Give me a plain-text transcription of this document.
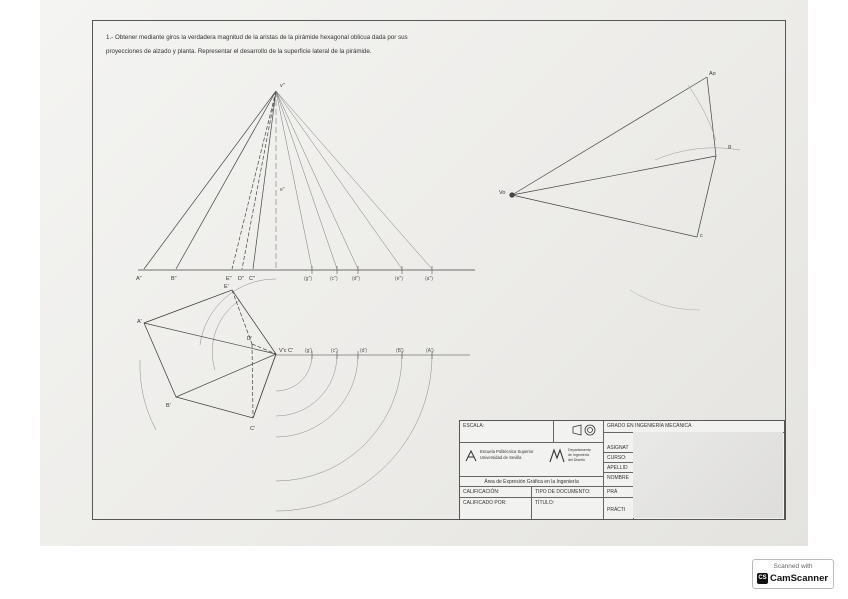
1.- Obtener mediante giros la verdadera magnitud de la aristas de la pirámide hexagonal oblicua dada por sus
proyecciones de alzado y planta. Representar el desarrollo de la superficie lateral de la pirámide.
v"
e"
A"	B"	E" D" C"	(g")	(c")	(d")	(e")	(a")
A'
E'
D'
V'c C'
B'
C'
(g')	(c')	(d')	(B')	(A')
Vo
Ao
g
c
ESCALA:	GRADO EN INGENIERÍA MECÁNICA
Escuela Politécnica Superior
Universidad de Sevilla
Departamento
de Ingeniería
del Diseño
ASIGNAT
CURSO:
APELLID
Área de Expresión Gráfica en la Ingeniería
NOMBRE
CALIFICACIÓN:	TIPO DE DOCUMENTO:	PRÁ
CALIFICADO POR:	TÍTULO:
PRÁCTI
Scanned with
CS CamScanner
